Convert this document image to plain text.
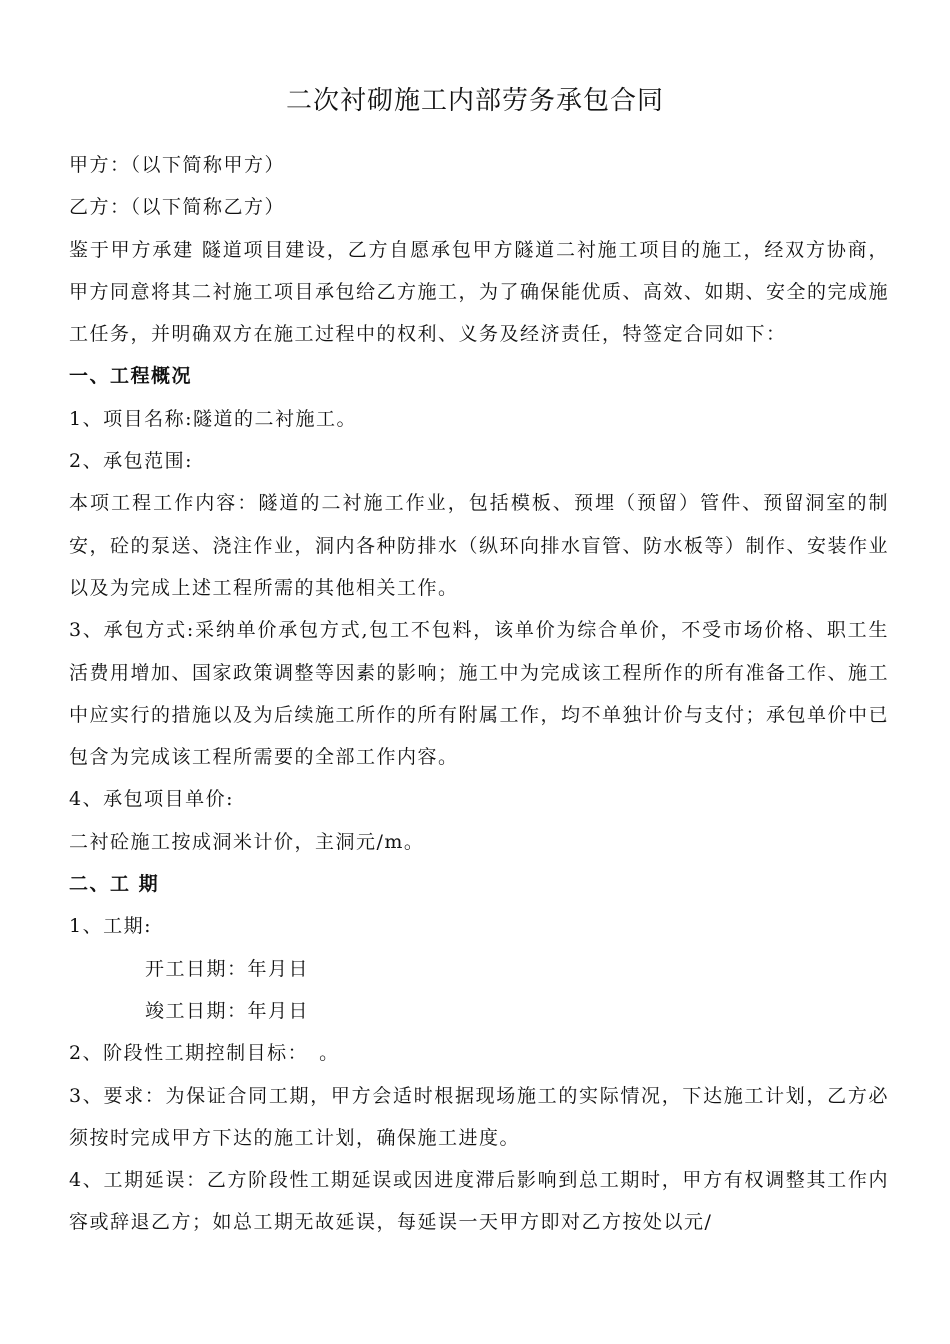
二次衬砌施工内部劳务承包合同

甲方：（以下简称甲方）

乙方：（以下简称乙方）

鉴于甲方承建 隧道项目建设，乙方自愿承包甲方隧道二衬施工项目的施工，经双方协商，甲方同意将其二衬施工项目承包给乙方施工，为了确保能优质、高效、如期、安全的完成施工任务，并明确双方在施工过程中的权利、义务及经济责任，特签定合同如下：

一、工程概况

1、项目名称:隧道的二衬施工。

2、承包范围:

本项工程工作内容：隧道的二衬施工作业，包括模板、预埋（预留）管件、预留洞室的制安，砼的泵送、浇注作业，洞内各种防排水（纵环向排水盲管、防水板等）制作、安装作业以及为完成上述工程所需的其他相关工作。

3、承包方式:采纳单价承包方式,包工不包料，该单价为综合单价，不受市场价格、职工生活费用增加、国家政策调整等因素的影响；施工中为完成该工程所作的所有准备工作、施工中应实行的措施以及为后续施工所作的所有附属工作，均不单独计价与支付；承包单价中已包含为完成该工程所需要的全部工作内容。

4、承包项目单价:

二衬砼施工按成洞米计价，主洞元/m。

二、工 期

1、工期:

开工日期：年月日

竣工日期：年月日

2、阶段性工期控制目标：　。

3、要求：为保证合同工期，甲方会适时根据现场施工的实际情况，下达施工计划，乙方必须按时完成甲方下达的施工计划，确保施工进度。

4、工期延误：乙方阶段性工期延误或因进度滞后影响到总工期时，甲方有权调整其工作内容或辞退乙方；如总工期无故延误，每延误一天甲方即对乙方按处以元/
